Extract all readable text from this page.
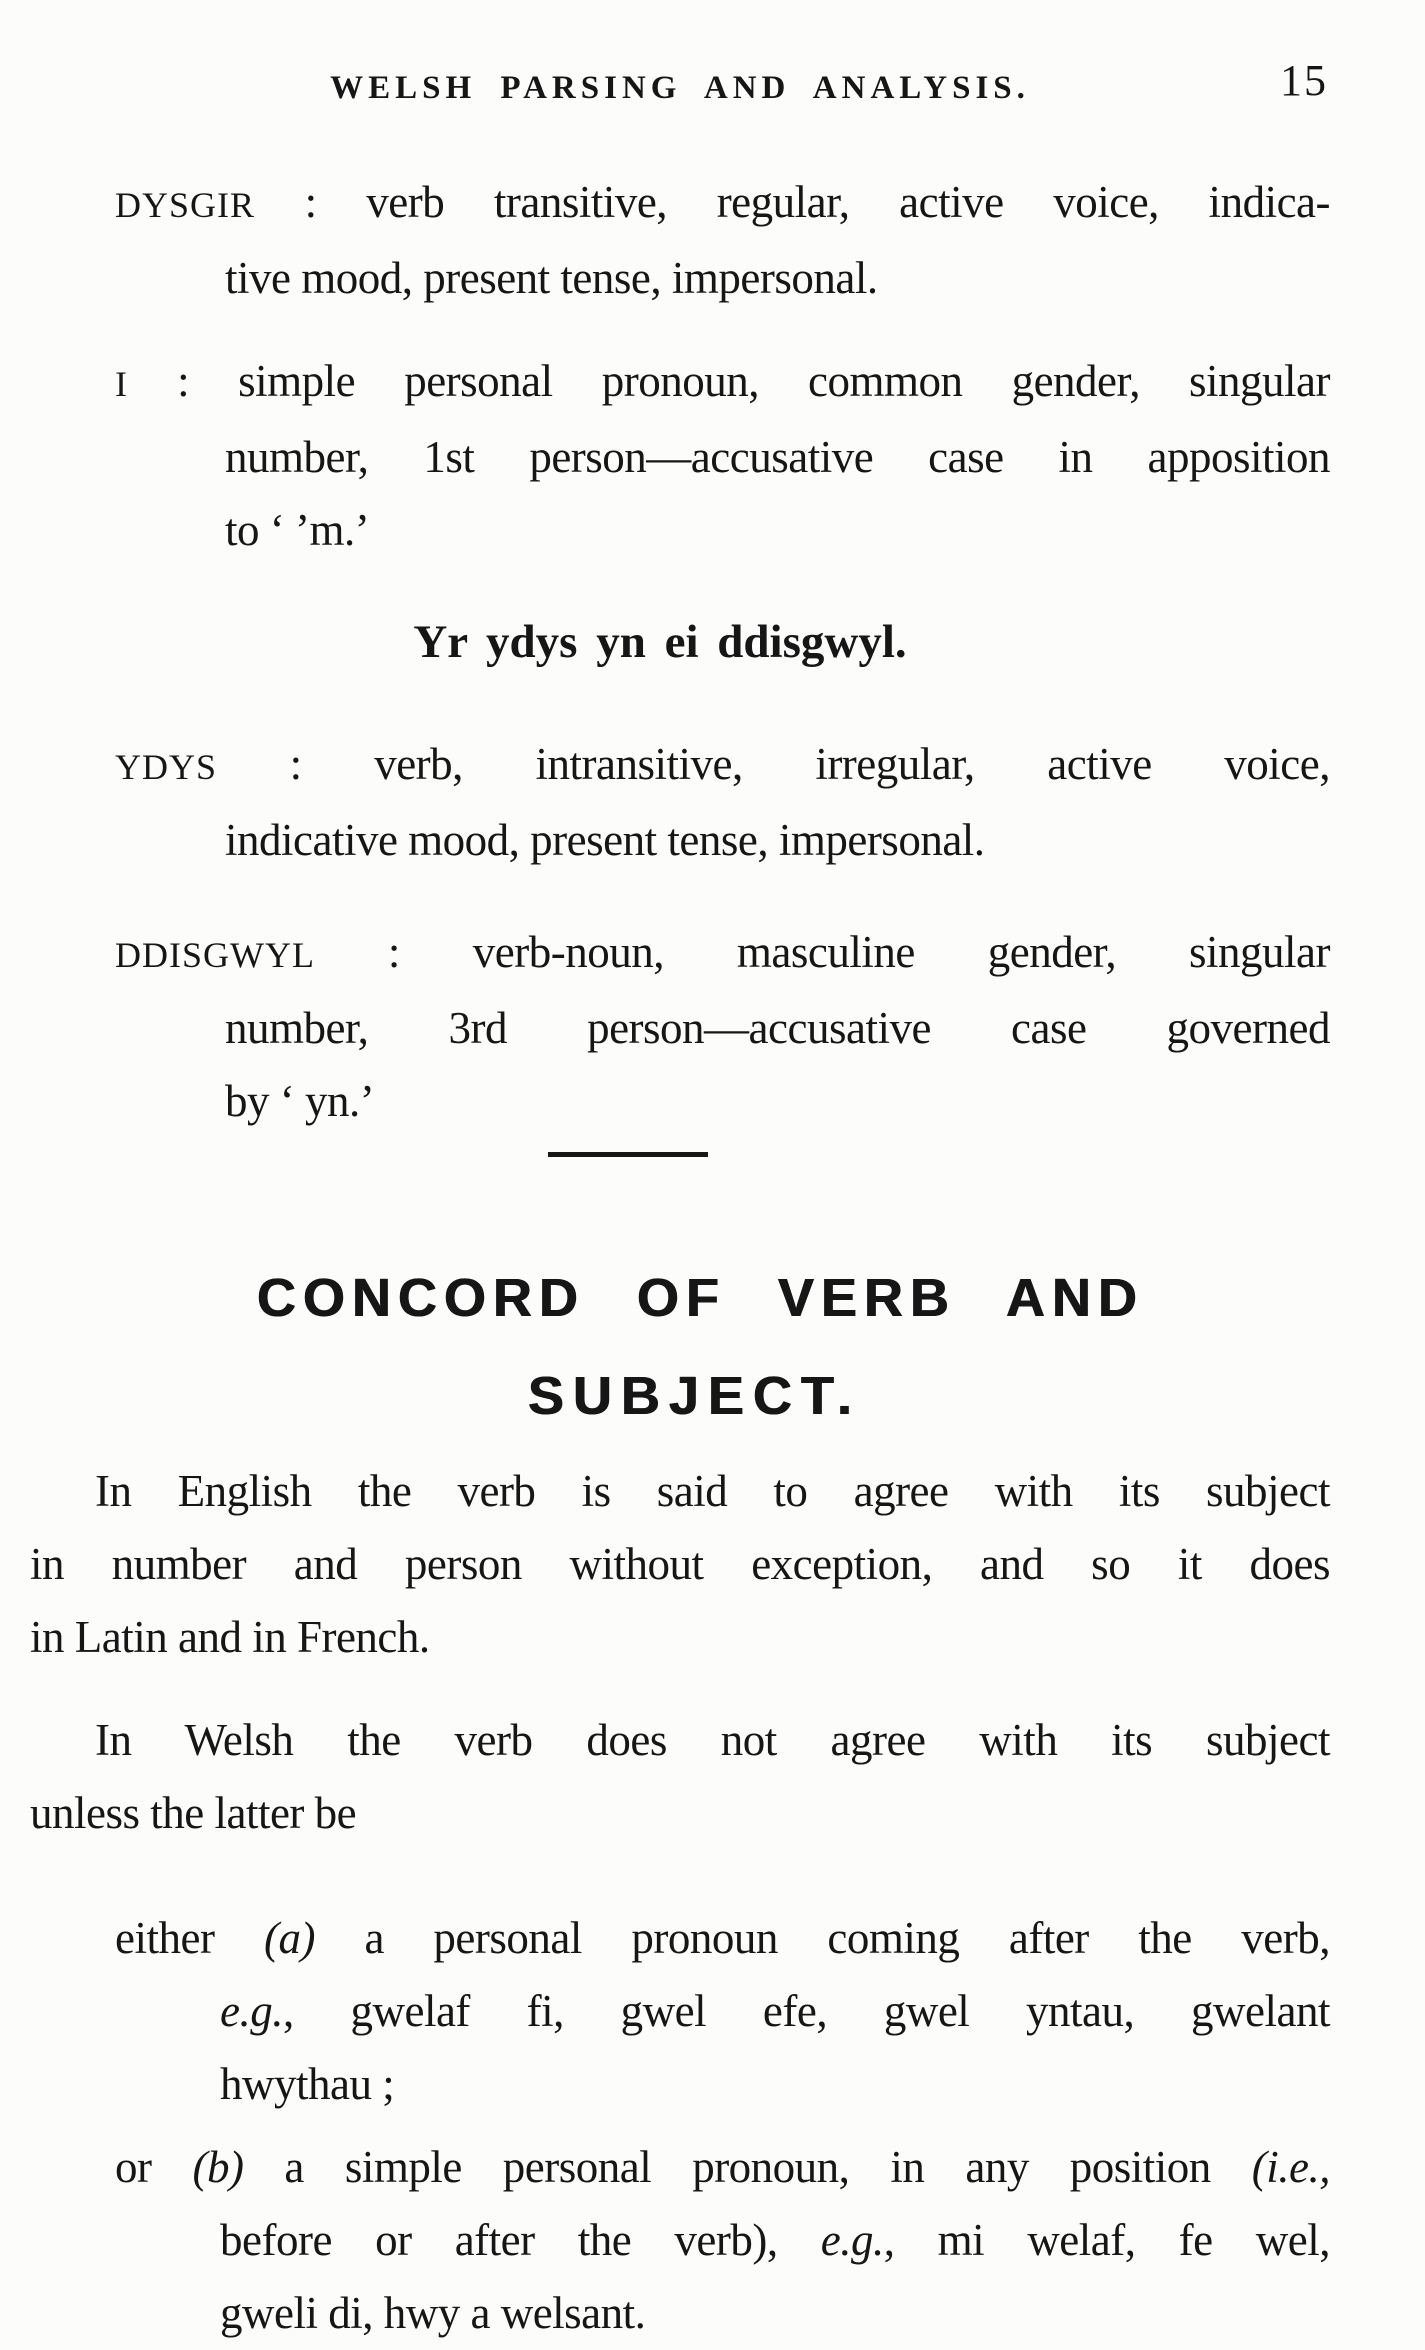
WELSH PARSING AND ANALYSIS.	15
DYSGIR : verb transitive, regular, active voice, indica-
tive mood, present tense, impersonal.
I : simple personal pronoun, common gender, singular
number, 1st person—accusative case in apposition
to ‘ ’m.’
Yr ydys yn ei ddisgwyl.
YDYS : verb, intransitive, irregular, active voice,
indicative mood, present tense, impersonal.
DDISGWYL : verb-noun, masculine gender, singular
number, 3rd person—accusative case governed
by ‘ yn.’
CONCORD OF VERB AND
SUBJECT.
In English the verb is said to agree with its subject
in number and person without exception, and so it does
in Latin and in French.
In Welsh the verb does not agree with its subject
unless the latter be
either (a) a personal pronoun coming after the verb,
e.g., gwelaf fi, gwel efe, gwel yntau, gwelant
hwythau ;
or (b) a simple personal pronoun, in any position (i.e.,
before or after the verb), e.g., mi welaf, fe wel,
gweli di, hwy a welsant.
